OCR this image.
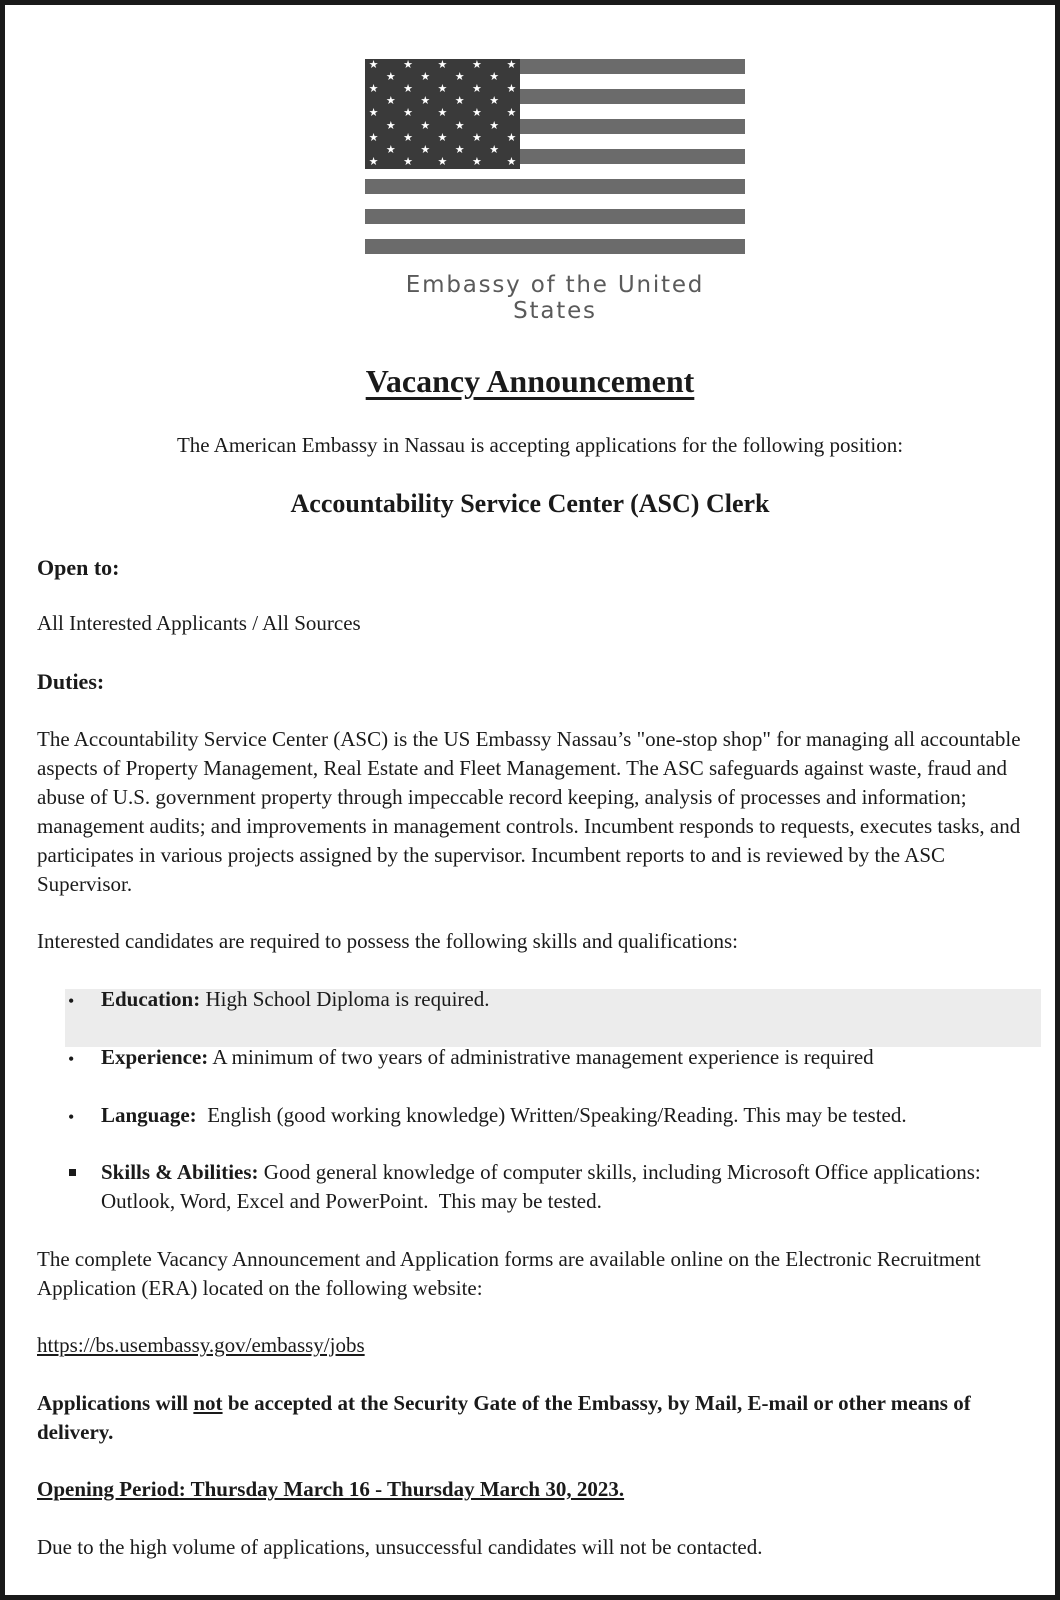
★	★	★	★	★
★	★	★	★
★	★	★	★	★
★	★	★	★
★	★	★	★	★
★	★	★	★
★	★	★	★	★
★	★	★	★
★	★	★	★	★
Embassy of the United States
Vacancy Announcement
The American Embassy in Nassau is accepting applications for the following position:
Accountability Service Center (ASC) Clerk
Open to:
All Interested Applicants / All Sources
Duties:
The Accountability Service Center (ASC) is the US Embassy Nassau’s "one-stop shop" for managing all accountable aspects of Property Management, Real Estate and Fleet Management. The ASC safeguards against waste, fraud and abuse of U.S. government property through impeccable record keeping, analysis of processes and information; management audits; and improvements in management controls. Incumbent responds to requests, executes tasks, and participates in various projects assigned by the supervisor. Incumbent reports to and is reviewed by the ASC Supervisor.
Interested candidates are required to possess the following skills and qualifications:
• Education: High School Diploma is required.
• Experience: A minimum of two years of administrative management experience is required
• Language:  English (good working knowledge) Written/Speaking/Reading. This may be tested.
Skills & Abilities: Good general knowledge of computer skills, including Microsoft Office applications: Outlook, Word, Excel and PowerPoint.  This may be tested.
The complete Vacancy Announcement and Application forms are available online on the Electronic Recruitment Application (ERA) located on the following website:
https://bs.usembassy.gov/embassy/jobs
Applications will not be accepted at the Security Gate of the Embassy, by Mail, E-mail or other means of delivery.
Opening Period: Thursday March 16 - Thursday March 30, 2023.
Due to the high volume of applications, unsuccessful candidates will not be contacted.
